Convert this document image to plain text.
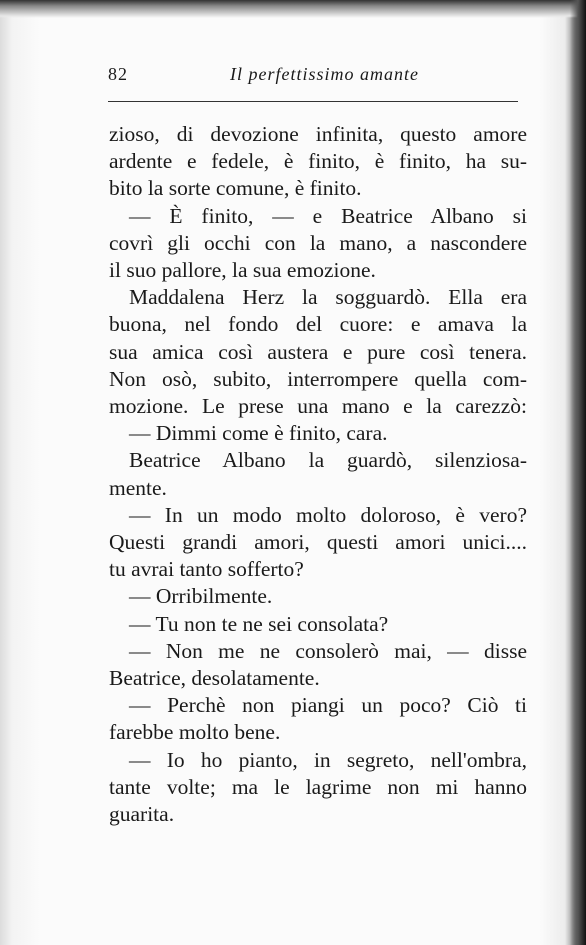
82	Il perfettissimo amante
zioso, di devozione infinita, questo amore
ardente e fedele, è finito, è finito, ha su-
bito la sorte comune, è finito.
— È finito, — e Beatrice Albano si
covrì gli occhi con la mano, a nascondere
il suo pallore, la sua emozione.
Maddalena Herz la sogguardò. Ella era
buona, nel fondo del cuore: e amava la
sua amica così austera e pure così tenera.
Non osò, subito, interrompere quella com-
mozione. Le prese una mano e la carezzò:
— Dimmi come è finito, cara.
Beatrice Albano la guardò, silenziosa-
mente.
— In un modo molto doloroso, è vero?
Questi grandi amori, questi amori unici....
tu avrai tanto sofferto?
— Orribilmente.
— Tu non te ne sei consolata?
— Non me ne consolerò mai, — disse
Beatrice, desolatamente.
— Perchè non piangi un poco? Ciò ti
farebbe molto bene.
— Io ho pianto, in segreto, nell'ombra,
tante volte; ma le lagrime non mi hanno
guarita.
